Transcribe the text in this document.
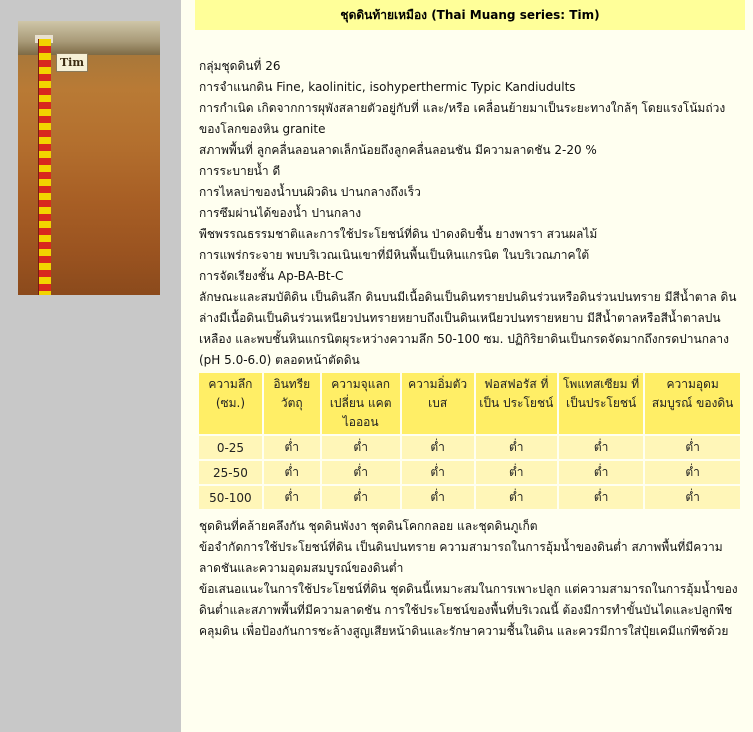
Tim
ชุดดินท้ายเหมือง (Thai Muang series: Tim)

กลุ่มชุดดินที่ 26

การจำแนกดิน Fine, kaolinitic, isohyperthermic Typic Kandiudults

การกำเนิด เกิดจากการผุพังสลายตัวอยู่กับที่ และ/หรือ เคลื่อนย้ายมาเป็นระยะทางใกล้ๆ โดยแรงโน้มถ่วงของโลกของหิน granite

สภาพพื้นที่ ลูกคลื่นลอนลาดเล็กน้อยถึงลูกคลื่นลอนชัน มีความลาดชัน 2-20 %

การระบายน้ำ ดี

การไหลบ่าของน้ำบนผิวดิน ปานกลางถึงเร็ว

การซึมผ่านได้ของน้ำ ปานกลาง

พืชพรรณธรรมชาติและการใช้ประโยชน์ที่ดิน ป่าดงดิบชื้น ยางพารา สวนผลไม้

การแพร่กระจาย พบบริเวณเนินเขาที่มีหินพื้นเป็นหินแกรนิต ในบริเวณภาคใต้

การจัดเรียงชั้น Ap-BA-Bt-C

ลักษณะและสมบัติดิน เป็นดินลึก ดินบนมีเนื้อดินเป็นดินทรายปนดินร่วนหรือดินร่วนปนทราย มีสีน้ำตาล ดินล่างมีเนื้อดินเป็นดินร่วนเหนียวปนทรายหยาบถึงเป็นดินเหนียวปนทรายหยาบ มีสีน้ำตาลหรือสีน้ำตาลปนเหลือง และพบชั้นหินแกรนิตผุระหว่างความลึก 50-100 ซม. ปฏิกิริยาดินเป็นกรดจัดมากถึงกรดปานกลาง (pH 5.0-6.0) ตลอดหน้าตัดดิน

ความลึก (ซม.)	อินทรีย วัตถุ	ความจุแลกเปลี่ยน แคตไอออน	ความอิ่มตัว เบส	ฟอสฟอรัส ที่เป็น ประโยชน์	โพแทสเซียม ที่เป็นประโยชน์	ความอุดม สมบูรณ์ ของดิน
0-25	ต่ำ	ต่ำ	ต่ำ	ต่ำ	ต่ำ	ต่ำ
25-50	ต่ำ	ต่ำ	ต่ำ	ต่ำ	ต่ำ	ต่ำ
50-100	ต่ำ	ต่ำ	ต่ำ	ต่ำ	ต่ำ	ต่ำ

ชุดดินที่คล้ายคลึงกัน ชุดดินพังงา ชุดดินโคกกลอย และชุดดินภูเก็ต

ข้อจำกัดการใช้ประโยชน์ที่ดิน เป็นดินปนทราย ความสามารถในการอุ้มน้ำของดินต่ำ สภาพพื้นที่มีความลาดชันและความอุดมสมบูรณ์ของดินต่ำ

ข้อเสนอแนะในการใช้ประโยชน์ที่ดิน ชุดดินนี้เหมาะสมในการเพาะปลูก แต่ความสามารถในการอุ้มน้ำของดินต่ำและสภาพพื้นที่มีความลาดชัน การใช้ประโยชน์ของพื้นที่บริเวณนี้ ต้องมีการทำขั้นบันไดและปลูกพืชคลุมดิน เพื่อป้องกันการชะล้างสูญเสียหน้าดินและรักษาความชื้นในดิน และควรมีการใส่ปุ๋ยเคมีแก่พืชด้วย
